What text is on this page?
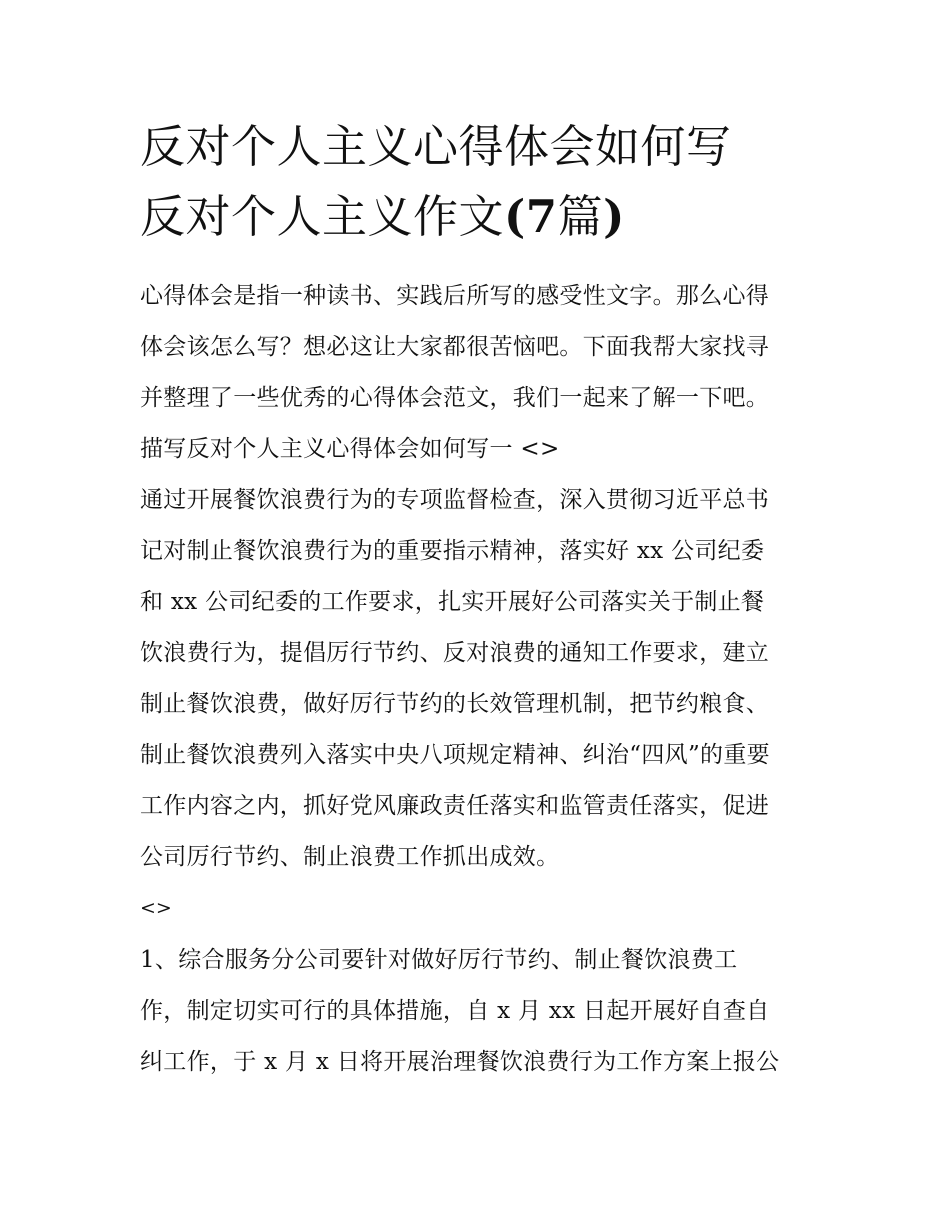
反对个人主义心得体会如何写
反对个人主义作文(7篇)

心得体会是指一种读书、实践后所写的感受性文字。那么心得

体会该怎么写？想必这让大家都很苦恼吧。下面我帮大家找寻

并整理了一些优秀的心得体会范文，我们一起来了解一下吧。

描写反对个人主义心得体会如何写一 <>

通过开展餐饮浪费行为的专项监督检查，深入贯彻习近平总书

记对制止餐饮浪费行为的重要指示精神，落实好 xx 公司纪委

和 xx 公司纪委的工作要求，扎实开展好公司落实关于制止餐

饮浪费行为，提倡厉行节约、反对浪费的通知工作要求，建立

制止餐饮浪费，做好厉行节约的长效管理机制，把节约粮食、

制止餐饮浪费列入落实中央八项规定精神、纠治“四风”的重要

工作内容之内，抓好党风廉政责任落实和监管责任落实，促进

公司厉行节约、制止浪费工作抓出成效。

<>

1、综合服务分公司要针对做好厉行节约、制止餐饮浪费工

作，制定切实可行的具体措施，自 x 月 xx 日起开展好自查自

纠工作，于 x 月 x 日将开展治理餐饮浪费行为工作方案上报公
